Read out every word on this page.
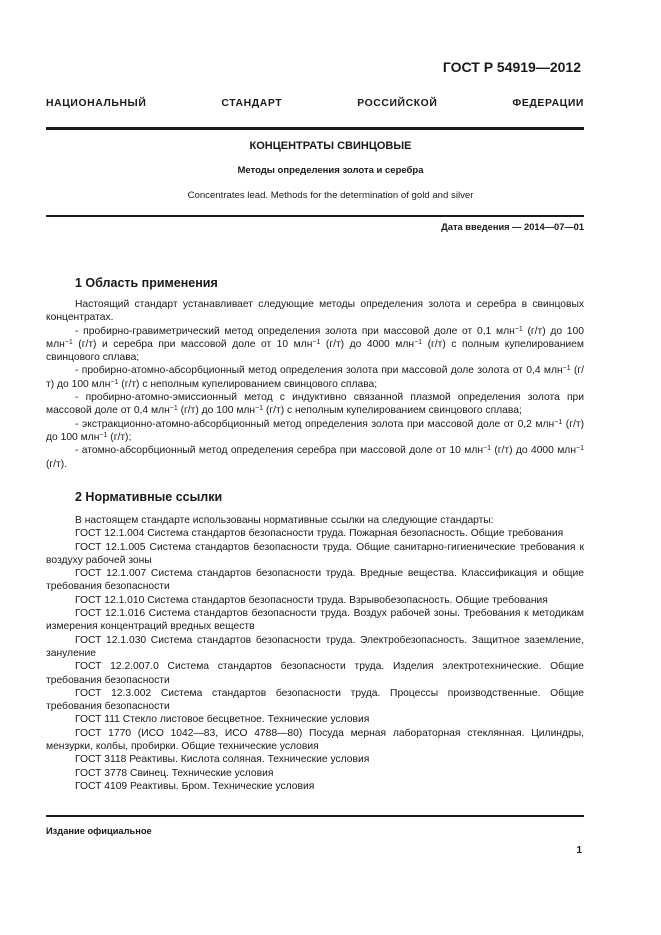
ГОСТ Р 54919—2012
НАЦИОНАЛЬНЫЙ СТАНДАРТ РОССИЙСКОЙ ФЕДЕРАЦИИ
КОНЦЕНТРАТЫ СВИНЦОВЫЕ
Методы определения золота и серебра
Concentrates lead. Methods for the determination of gold and silver
Дата введения — 2014—07—01
1 Область применения

Настоящий стандарт устанавливает следующие методы определения золота и серебра в свинцовых концентратах.

- пробирно-гравиметрический метод определения золота при массовой доле от 0,1 млн$^{-1}$ (г/т) до 100 млн$^{-1}$ (г/т) и серебра при массовой доле от 10 млн$^{-1}$ (г/т) до 4000 млн$^{-1}$ (г/т) с полным купелированием свинцового сплава;

- пробирно-атомно-абсорбционный метод определения золота при массовой доле золота от 0,4 млн$^{-1}$ (г/т) до 100 млн$^{-1}$ (г/т) с неполным купелированием свинцового сплава;

- пробирно-атомно-эмиссионный метод с индуктивно связанной плазмой определения золота при массовой доле от 0,4 млн$^{-1}$ (г/т) до 100 млн$^{-1}$ (г/т) с неполным купелированием свинцового сплава;

- экстракционно-атомно-абсорбционный метод определения золота при массовой доле от 0,2 млн$^{-1}$ (г/т) до 100 млн$^{-1}$ (г/т);

- атомно-абсорбционный метод определения серебра при массовой доле от 10 млн$^{-1}$ (г/т) до 4000 млн$^{-1}$ (г/т).

2 Нормативные ссылки

В настоящем стандарте использованы нормативные ссылки на следующие стандарты:

ГОСТ 12.1.004 Система стандартов безопасности труда. Пожарная безопасность. Общие требования

ГОСТ 12.1.005 Система стандартов безопасности труда. Общие санитарно-гигиенические требования к воздуху рабочей зоны

ГОСТ 12.1.007 Система стандартов безопасности труда. Вредные вещества. Классификация и общие требования безопасности

ГОСТ 12.1.010 Система стандартов безопасности труда. Взрывобезопасность. Общие требования

ГОСТ 12.1.016 Система стандартов безопасности труда. Воздух рабочей зоны. Требования к методикам измерения концентраций вредных веществ

ГОСТ 12.1.030 Система стандартов безопасности труда. Электробезопасность. Защитное заземление, зануление

ГОСТ 12.2.007.0 Система стандартов безопасности труда. Изделия электротехнические. Общие требования безопасности

ГОСТ 12.3.002 Система стандартов безопасности труда. Процессы производственные. Общие требования безопасности

ГОСТ 111 Стекло листовое бесцветное. Технические условия

ГОСТ 1770 (ИСО 1042—83, ИСО 4788—80) Посуда мерная лабораторная стеклянная. Цилиндры, мензурки, колбы, пробирки. Общие технические условия

ГОСТ 3118 Реактивы. Кислота соляная. Технические условия

ГОСТ 3778 Свинец. Технические условия

ГОСТ 4109 Реактивы. Бром. Технические условия

Издание официальное
1
